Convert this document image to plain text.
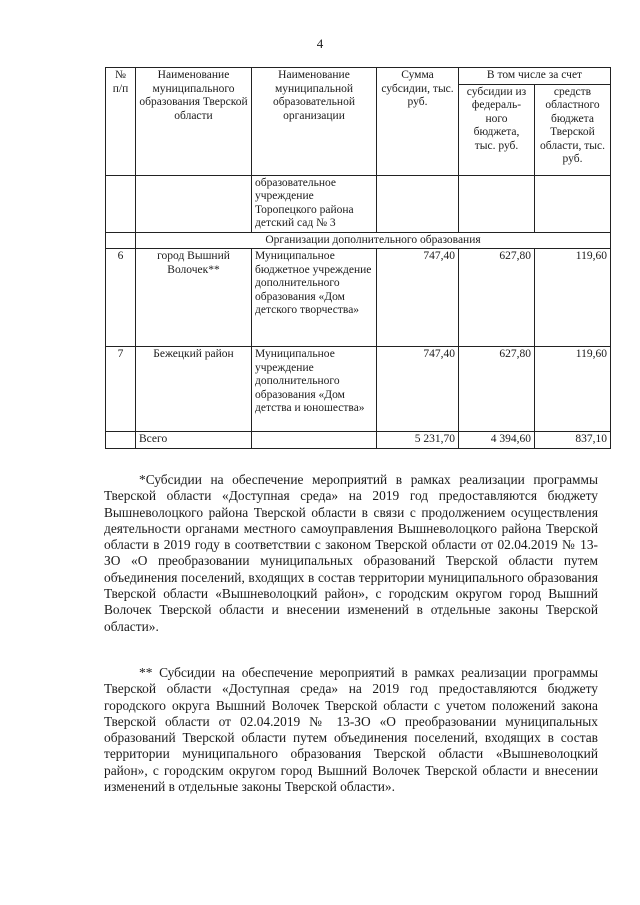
4
№ п/п	Наименование муниципального образования Тверской области	Наименование муниципальной образовательной организации	Сумма субсидии, тыс. руб.	В том числе за счет	
				субсидии из федераль-ного бюджета, тыс. руб.	средств областного бюджета Тверской области, тыс. руб.
		образовательное учреждение Торопецкого района детский сад № 3			
	Организации дополнительного образования				
6	город Вышний Волочек**	Муниципальное бюджетное учреждение дополнительного образования «Дом детского творчества»	747,40	627,80	119,60
7	Бежецкий район	Муниципальное учреждение дополнительного образования «Дом детства и юношества»	747,40	627,80	119,60
	Всего		5 231,70	4 394,60	837,10

*Субсидии на обеспечение мероприятий в рамках реализации программы Тверской области «Доступная среда» на 2019 год предоставляются бюджету Вышневолоцкого района Тверской области в связи с продолжением осуществления деятельности органами местного самоуправления Вышневолоцкого района Тверской области в 2019 году в соответствии с законом Тверской области от 02.04.2019 № 13-ЗО «О преобразовании муниципальных образований Тверской области путем объединения поселений, входящих в состав территории муниципального образования Тверской области «Вышневолоцкий район», с городским округом город Вышний Волочек Тверской области и внесении изменений в отдельные законы Тверской области».

** Субсидии на обеспечение мероприятий в рамках реализации программы Тверской области «Доступная среда» на 2019 год предоставляются бюджету городского округа Вышний Волочек Тверской области с учетом положений закона Тверской области от 02.04.2019 № 13-ЗО «О преобразовании муниципальных образований Тверской области путем объединения поселений, входящих в состав территории муниципального образования Тверской области «Вышневолоцкий район», с городским округом город Вышний Волочек Тверской области и внесении изменений в отдельные законы Тверской области».
